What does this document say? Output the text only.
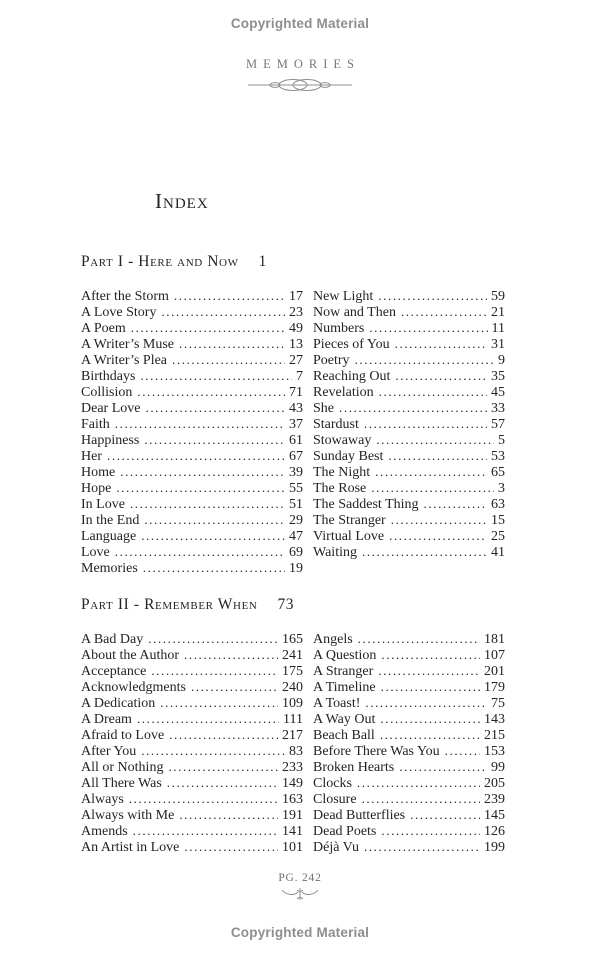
Copyrighted Material
MEMORIES
Index
Part I - Here and Now 1
After the Storm .....	17
A Love Story .....	23
A Poem .....	49
A Writer’s Muse .....	13
A Writer’s Plea .....	27
Birthdays .....	7
Collision .....	71
Dear Love .....	43
Faith .....	37
Happiness .....	61
Her .....	67
Home .....	39
Hope .....	55
In Love .....	51
In the End .....	29
Language .....	47
Love .....	69
Memories .....	19
New Light .....	59
Now and Then .....	21
Numbers .....	11
Pieces of You .....	31
Poetry .....	9
Reaching Out .....	35
Revelation .....	45
She .....	33
Stardust .....	57
Stowaway .....	5
Sunday Best .....	53
The Night .....	65
The Rose .....	3
The Saddest Thing .....	63
The Stranger .....	15
Virtual Love .....	25
Waiting .....	41
Part II - Remember When 73
A Bad Day .....	165
About the Author .....	241
Acceptance .....	175
Acknowledgments .....	240
A Dedication .....	109
A Dream .....	111
Afraid to Love .....	217
After You .....	83
All or Nothing .....	233
All There Was .....	149
Always .....	163
Always with Me .....	191
Amends .....	141
An Artist in Love .....	101
Angels .....	181
A Question .....	107
A Stranger .....	201
A Timeline .....	179
A Toast! .....	75
A Way Out .....	143
Beach Ball .....	215
Before There Was You .....	153
Broken Hearts .....	99
Clocks .....	205
Closure .....	239
Dead Butterflies .....	145
Dead Poets .....	126
Déjà Vu .....	199
PG. 242
Copyrighted Material
